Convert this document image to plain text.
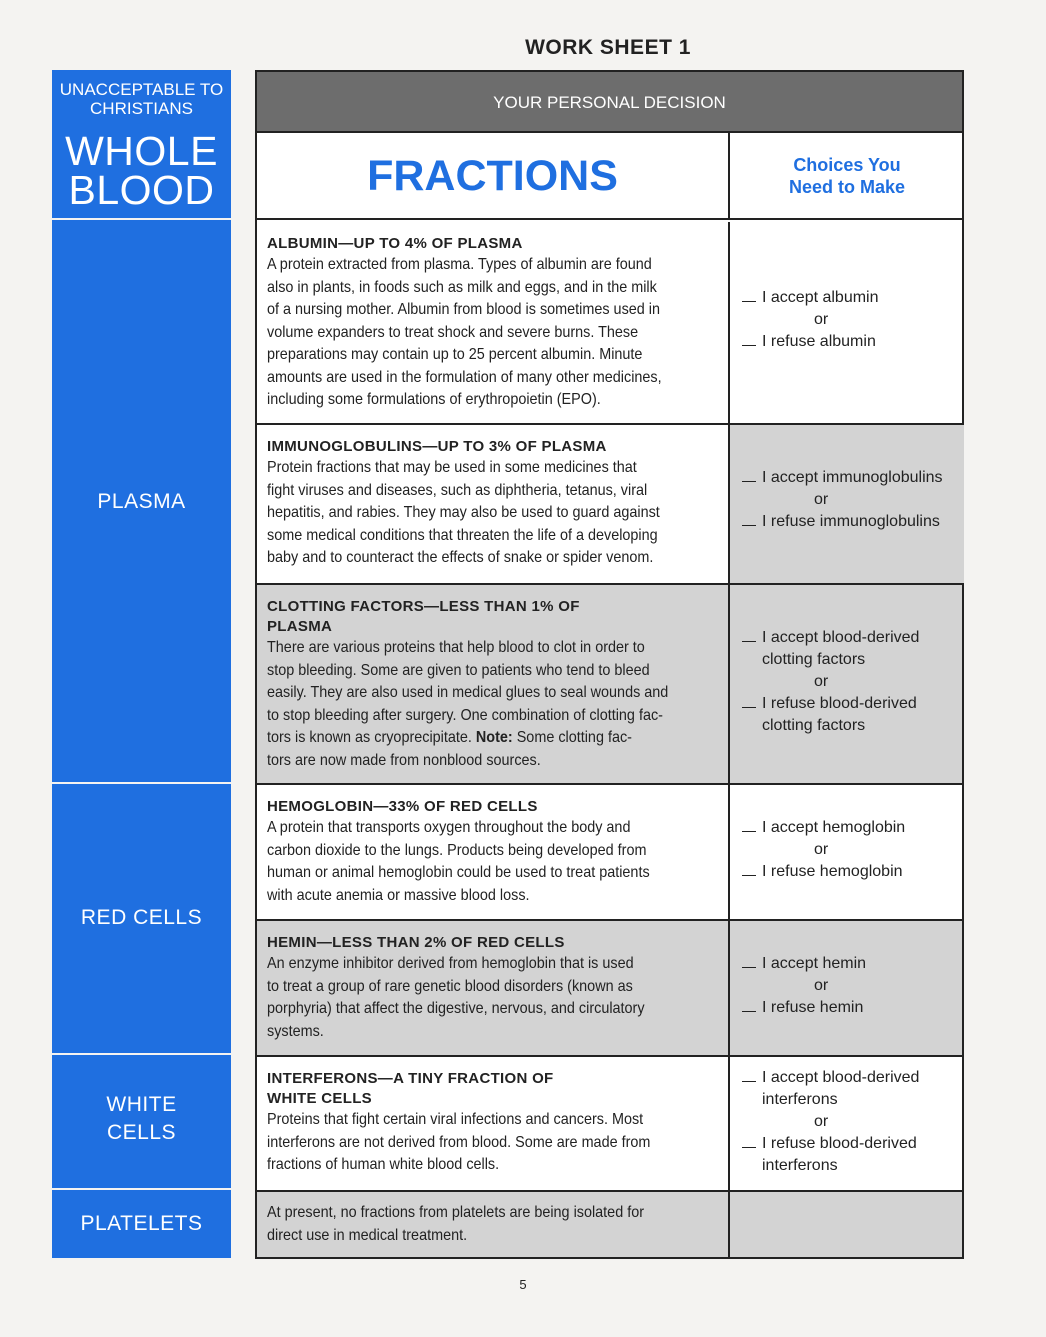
WORK SHEET 1
UNACCEPTABLE TO CHRISTIANS
WHOLE
BLOOD
PLASMA
RED CELLS
WHITE
CELLS
PLATELETS
YOUR PERSONAL DECISION
FRACTIONS	Choices You
Need to Make
ALBUMIN—UP TO 4% OF PLASMA
A protein extracted from plasma. Types of albumin are found
also in plants, in foods such as milk and eggs, and in the milk
of a nursing mother. Albumin from blood is sometimes used in
volume expanders to treat shock and severe burns. These
preparations may contain up to 25 percent albumin. Minute
amounts are used in the formulation of many other medicines,
including some formulations of erythropoietin (EPO).
I accept albumin
or
I refuse albumin
IMMUNOGLOBULINS—UP TO 3% OF PLASMA
Protein fractions that may be used in some medicines that
fight viruses and diseases, such as diphtheria, tetanus, viral
hepatitis, and rabies. They may also be used to guard against
some medical conditions that threaten the life of a developing
baby and to counteract the effects of snake or spider venom.
I accept immunoglobulins
or
I refuse immunoglobulins
CLOTTING FACTORS—LESS THAN 1% OF
PLASMA
There are various proteins that help blood to clot in order to
stop bleeding. Some are given to patients who tend to bleed
easily. They are also used in medical glues to seal wounds and
to stop bleeding after surgery. One combination of clotting fac-
tors is known as cryoprecipitate. Note: Some clotting fac-
tors are now made from nonblood sources.
I accept blood-derived
clotting factors
or
I refuse blood-derived
clotting factors
HEMOGLOBIN—33% OF RED CELLS
A protein that transports oxygen throughout the body and
carbon dioxide to the lungs. Products being developed from
human or animal hemoglobin could be used to treat patients
with acute anemia or massive blood loss.
I accept hemoglobin
or
I refuse hemoglobin
HEMIN—LESS THAN 2% OF RED CELLS
An enzyme inhibitor derived from hemoglobin that is used
to treat a group of rare genetic blood disorders (known as
porphyria) that affect the digestive, nervous, and circulatory
systems.
I accept hemin
or
I refuse hemin
INTERFERONS—A TINY FRACTION OF
WHITE CELLS
Proteins that fight certain viral infections and cancers. Most
interferons are not derived from blood. Some are made from
fractions of human white blood cells.
I accept blood-derived
interferons
or
I refuse blood-derived
interferons
At present, no fractions from platelets are being isolated for
direct use in medical treatment.
5
